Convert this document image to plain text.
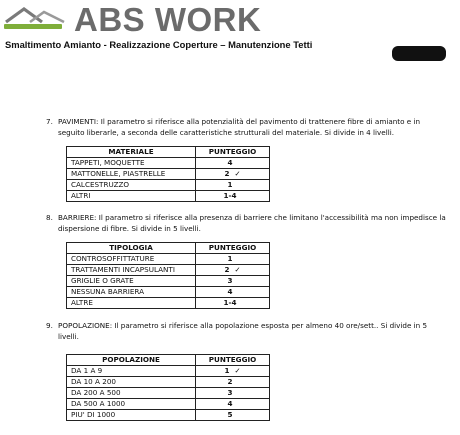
ABS WORK
Smaltimento Amianto - Realizzazione Coperture – Manutenzione Tetti
7. PAVIMENTI: Il parametro si riferisce alla potenzialità del pavimento di trattenere fibre di amianto e in seguito liberarle, a seconda delle caratteristiche strutturali del materiale. Si divide in 4 livelli.
MATERIALE	PUNTEGGIO
TAPPETI, MOQUETTE	4
MATTONELLE, PIASTRELLE	2 ✓
CALCESTRUZZO	1
ALTRI	1-4
8. BARRIERE: Il parametro si riferisce alla presenza di barriere che limitano l'accessibilità ma non impedisce la dispersione di fibre. Si divide in 5 livelli.
TIPOLOGIA	PUNTEGGIO
CONTROSOFFITTATURE	1
TRATTAMENTI INCAPSULANTI	2 ✓
GRIGLIE O GRATE	3
NESSUNA BARRIERA	4
ALTRE	1-4
9. POPOLAZIONE: Il parametro si riferisce alla popolazione esposta per almeno 40 ore/sett.. Si divide in 5 livelli.
POPOLAZIONE	PUNTEGGIO
DA 1 A 9	1 ✓
DA 10 A 200	2
DA 200 A 500	3
DA 500 A 1000	4
PIU' DI 1000	5
